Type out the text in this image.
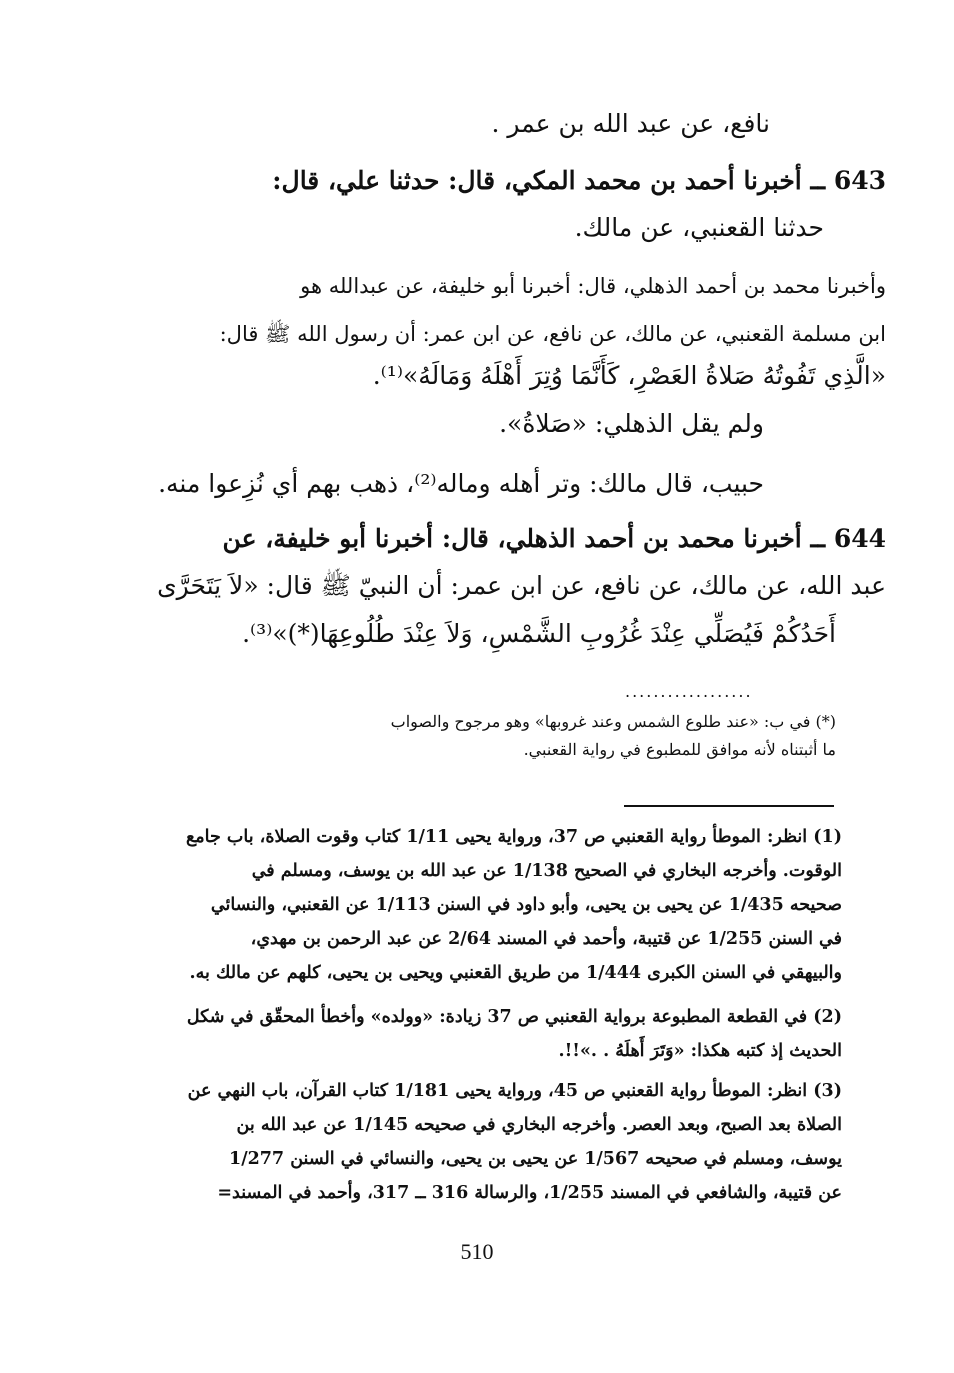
نافع، عن عبد الله بن عمر .
643 ــ أخبرنا أحمد بن محمد المكي، قال: حدثنا علي، قال:
حدثنا القعنبي، عن مالك.
وأخبرنا محمد بن أحمد الذهلي، قال: أخبرنا أبو خليفة، عن عبدالله هو
ابن مسلمة القعنبي، عن مالك، عن نافع، عن ابن عمر: أن رسول الله ﷺ قال:
«الَّذِي تَفُوتُهُ صَلاةُ العَصْرِ، كَأَنَّمَا وُتِرَ أَهْلَهُ وَمَالَهُ»⁽¹⁾.
ولم يقل الذهلي: «صَلاةُ».
حبيب، قال مالك: وتر أهله وماله⁽²⁾، ذهب بهم أي نُزِعوا منه.
644 ــ أخبرنا محمد بن أحمد الذهلي، قال: أخبرنا أبو خليفة، عن
عبد الله، عن مالك، عن نافع، عن ابن عمر: أن النبيّ ﷺ قال: «لاَ يَتَحَرَّى
أَحَدُكُمْ فَيُصَلِّي عِنْدَ غُرُوبِ الشَّمْسِ، وَلاَ عِنْدَ طُلُوعِهَا(*)»⁽³⁾.
..................
(*) في ب: «عند طلوع الشمس وعند غروبها» وهو مرجوح والصواب
ما أثبتناه لأنه موافق للمطبوع في رواية القعنبي.
(1) انظر: الموطأ رواية القعنبي ص 37، ورواية يحيى 1/11 كتاب وقوت الصلاة، باب جامع
الوقوت. وأخرجه البخاري في الصحيح 1/138 عن عبد الله بن يوسف، ومسلم في
صحيحه 1/435 عن يحيى بن يحيى، وأبو داود في السنن 1/113 عن القعنبي، والنسائي
في السنن 1/255 عن قتيبة، وأحمد في المسند 2/64 عن عبد الرحمن بن مهدي،
والبيهقي في السنن الكبرى 1/444 من طريق القعنبي ويحيى بن يحيى، كلهم عن مالك به.
(2) في القطعة المطبوعة برواية القعنبي ص 37 زيادة: «وولده» وأخطأ المحقّق في شكل
الحديث إذ كتبه هكذا: «وَتَرَ أَهلَهُ . .»!!.
(3) انظر: الموطأ رواية القعنبي ص 45، ورواية يحيى 1/181 كتاب القرآن، باب النهي عن
الصلاة بعد الصبح، وبعد العصر. وأخرجه البخاري في صحيحه 1/145 عن عبد الله بن
يوسف، ومسلم في صحيحه 1/567 عن يحيى بن يحيى، والنسائي في السنن 1/277
عن قتيبة، والشافعي في المسند 1/255، والرسالة 316 ــ 317، وأحمد في المسند=
510
